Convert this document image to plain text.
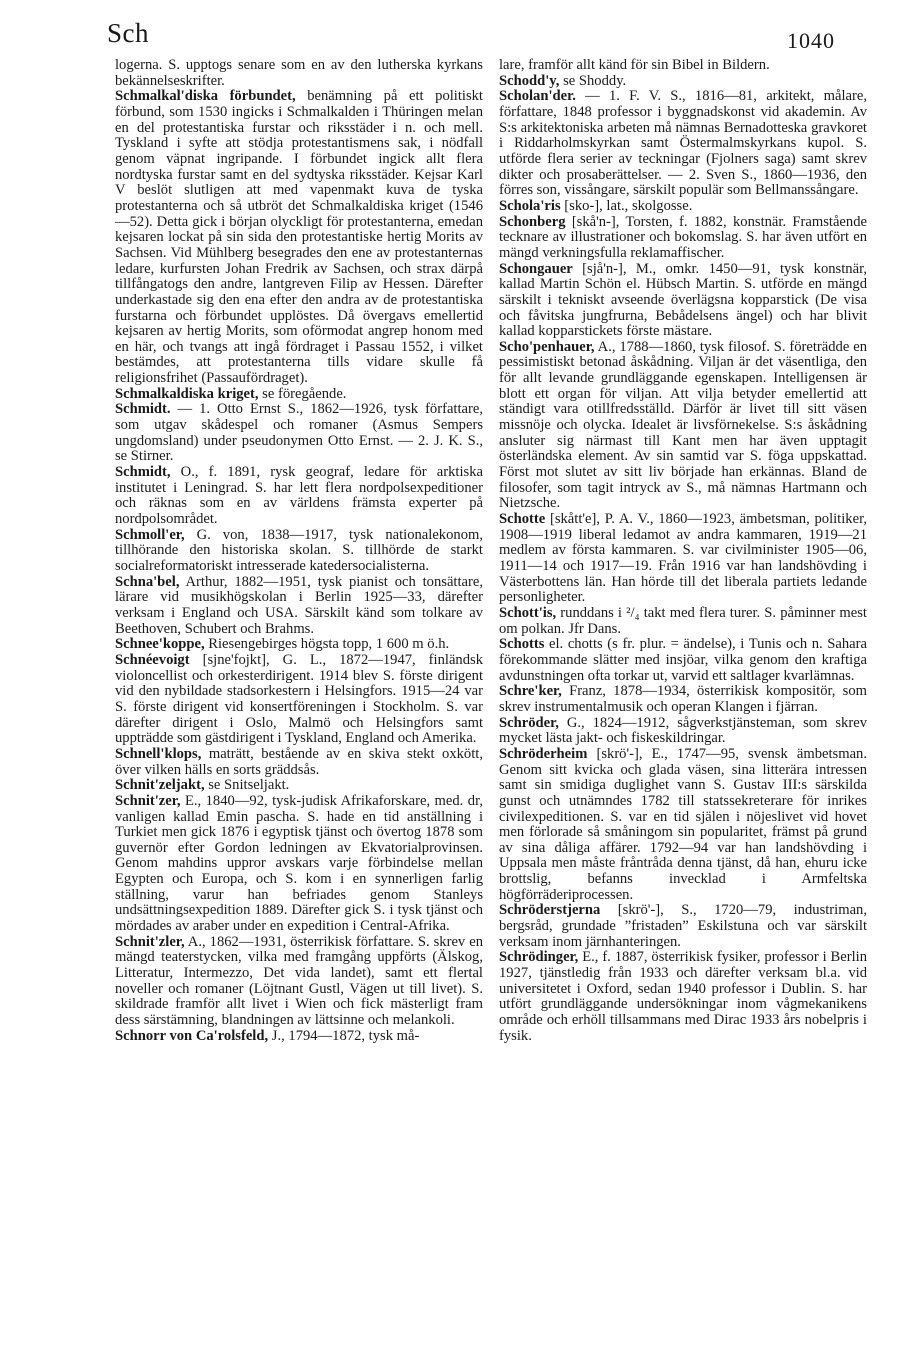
Sch	1040

logerna. S. upptogs senare som en av den lutherska kyrkans bekännelseskrifter.

Schmalkal'diska förbundet, benämning på ett politiskt förbund, som 1530 ingicks i Schmalkalden i Thüringen melan en del protestantiska furstar och riksstäder i n. och mell. Tyskland i syfte att stödja protestantismens sak, i nödfall genom väpnat ingripande. I förbundet ingick allt flera nordtyska furstar samt en del sydtyska riksstäder. Kejsar Karl V beslöt slutligen att med vapenmakt kuva de tyska protestanterna och så utbröt det Schmalkaldiska kriget (1546—52). Detta gick i början olyckligt för protestanterna, emedan kejsaren lockat på sin sida den protestantiske hertig Morits av Sachsen. Vid Mühlberg besegrades den ene av protestanternas ledare, kurfursten Johan Fredrik av Sachsen, och strax därpå tillfångatogs den andre, lantgreven Filip av Hessen. Därefter underkastade sig den ena efter den andra av de protestantiska furstarna och förbundet upplöstes. Då övergavs emellertid kejsaren av hertig Morits, som oförmodat angrep honom med en här, och tvangs att ingå fördraget i Passau 1552, i vilket bestämdes, att protestanterna tills vidare skulle få religionsfrihet (Passaufördraget).

Schmalkaldiska kriget, se föregående.

Schmidt. — 1. Otto Ernst S., 1862—1926, tysk författare, som utgav skådespel och romaner (Asmus Sempers ungdomsland) under pseudonymen Otto Ernst. — 2. J. K. S., se Stirner.

Schmidt, O., f. 1891, rysk geograf, ledare för arktiska institutet i Leningrad. S. har lett flera nordpolsexpeditioner och räknas som en av världens främsta experter på nordpolsområdet.

Schmoll'er, G. von, 1838—1917, tysk nationalekonom, tillhörande den historiska skolan. S. tillhörde de starkt socialreformatoriskt intresserade katedersocialisterna.

Schna'bel, Arthur, 1882—1951, tysk pianist och tonsättare, lärare vid musikhögskolan i Berlin 1925—33, därefter verksam i England och USA. Särskilt känd som tolkare av Beethoven, Schubert och Brahms.

Schnee'koppe, Riesengebirges högsta topp, 1 600 m ö.h.

Schnéevoigt [sjne'fojkt], G. L., 1872—1947, finländsk violoncellist och orkesterdirigent. 1914 blev S. förste dirigent vid den nybildade stadsorkestern i Helsingfors. 1915—24 var S. förste dirigent vid konsertföreningen i Stockholm. S. var därefter dirigent i Oslo, Malmö och Helsingfors samt uppträdde som gästdirigent i Tyskland, England och Amerika.

Schnell'klops, maträtt, bestående av en skiva stekt oxkött, över vilken hälls en sorts gräddsås.

Schnit'zeljakt, se Snitseljakt.

Schnit'zer, E., 1840—92, tysk-judisk Afrikaforskare, med. dr, vanligen kallad Emin pascha. S. hade en tid anställning i Turkiet men gick 1876 i egyptisk tjänst och övertog 1878 som guvernör efter Gordon ledningen av Ekvatorialprovinsen. Genom mahdins uppror avskars varje förbindelse mellan Egypten och Europa, och S. kom i en synnerligen farlig ställning, varur han befriades genom Stanleys undsättningsexpedition 1889. Därefter gick S. i tysk tjänst och mördades av araber under en expedition i Central-Afrika.

Schnit'zler, A., 1862—1931, österrikisk författare. S. skrev en mängd teaterstycken, vilka med framgång uppförts (Älskog, Litteratur, Intermezzo, Det vida landet), samt ett flertal noveller och romaner (Löjtnant Gustl, Vägen ut till livet). S. skildrade framför allt livet i Wien och fick mästerligt fram dess särstämning, blandningen av lättsinne och melankoli.

Schnorr von Ca'rolsfeld, J., 1794—1872, tysk må-

lare, framför allt känd för sin Bibel in Bildern.

Schodd'y, se Shoddy.

Scholan'der. — 1. F. V. S., 1816—81, arkitekt, målare, författare, 1848 professor i byggnadskonst vid akademin. Av S:s arkitektoniska arbeten må nämnas Bernadotteska gravkoret i Riddarholmskyrkan samt Östermalmskyrkans kupol. S. utförde flera serier av teckningar (Fjolners saga) samt skrev dikter och prosaberättelser. — 2. Sven S., 1860—1936, den förres son, vissångare, särskilt populär som Bellmanssångare.

Schola'ris [sko-], lat., skolgosse.

Schonberg [skå'n-], Torsten, f. 1882, konstnär. Framstående tecknare av illustrationer och bokomslag. S. har även utfört en mängd verkningsfulla reklamaffischer.

Schongauer [sjå'n-], M., omkr. 1450—91, tysk konstnär, kallad Martin Schön el. Hübsch Martin. S. utförde en mängd särskilt i tekniskt avseende överlägsna kopparstick (De visa och fåvitska jungfrurna, Bebådelsens ängel) och har blivit kallad kopparstickets förste mästare.

Scho'penhauer, A., 1788—1860, tysk filosof. S. företrädde en pessimistiskt betonad åskådning. Viljan är det väsentliga, den för allt levande grundläggande egenskapen. Intelligensen är blott ett organ för viljan. Att vilja betyder emellertid att ständigt vara otillfredsställd. Därför är livet till sitt väsen missnöje och olycka. Idealet är livsförnekelse. S:s åskådning ansluter sig närmast till Kant men har även upptagit österländska element. Av sin samtid var S. föga uppskattad. Först mot slutet av sitt liv började han erkännas. Bland de filosofer, som tagit intryck av S., må nämnas Hartmann och Nietzsche.

Schotte [skått'e], P. A. V., 1860—1923, ämbetsman, politiker, 1908—1919 liberal ledamot av andra kammaren, 1919—21 medlem av första kammaren. S. var civilminister 1905—06, 1911—14 och 1917—19. Från 1916 var han landshövding i Västerbottens län. Han hörde till det liberala partiets ledande personligheter.

Schott'is, runddans i ²/₄ takt med flera turer. S. påminner mest om polkan. Jfr Dans.

Schotts el. chotts (s fr. plur. = ändelse), i Tunis och n. Sahara förekommande slätter med insjöar, vilka genom den kraftiga avdunstningen ofta torkar ut, varvid ett saltlager kvarlämnas.

Schre'ker, Franz, 1878—1934, österrikisk kompositör, som skrev instrumentalmusik och operan Klangen i fjärran.

Schröder, G., 1824—1912, sågverkstjänsteman, som skrev mycket lästa jakt- och fiskeskildringar.

Schröderheim [skrö'-], E., 1747—95, svensk ämbetsman. Genom sitt kvicka och glada väsen, sina litterära intressen samt sin smidiga duglighet vann S. Gustav III:s särskilda gunst och utnämndes 1782 till statssekreterare för inrikes civilexpeditionen. S. var en tid själen i nöjeslivet vid hovet men förlorade så småningom sin popularitet, främst på grund av sina dåliga affärer. 1792—94 var han landshövding i Uppsala men måste fråntråda denna tjänst, då han, ehuru icke brottslig, befanns invecklad i Armfeltska högförräderiprocessen.

Schröderstjerna [skrö'-], S., 1720—79, industriman, bergsråd, grundade ”fristaden” Eskilstuna och var särskilt verksam inom järnhanteringen.

Schrödinger, E., f. 1887, österrikisk fysiker, professor i Berlin 1927, tjänstledig från 1933 och därefter verksam bl.a. vid universitetet i Oxford, sedan 1940 professor i Dublin. S. har utfört grundläggande undersökningar inom vågmekanikens område och erhöll tillsammans med Dirac 1933 års nobelpris i fysik.
